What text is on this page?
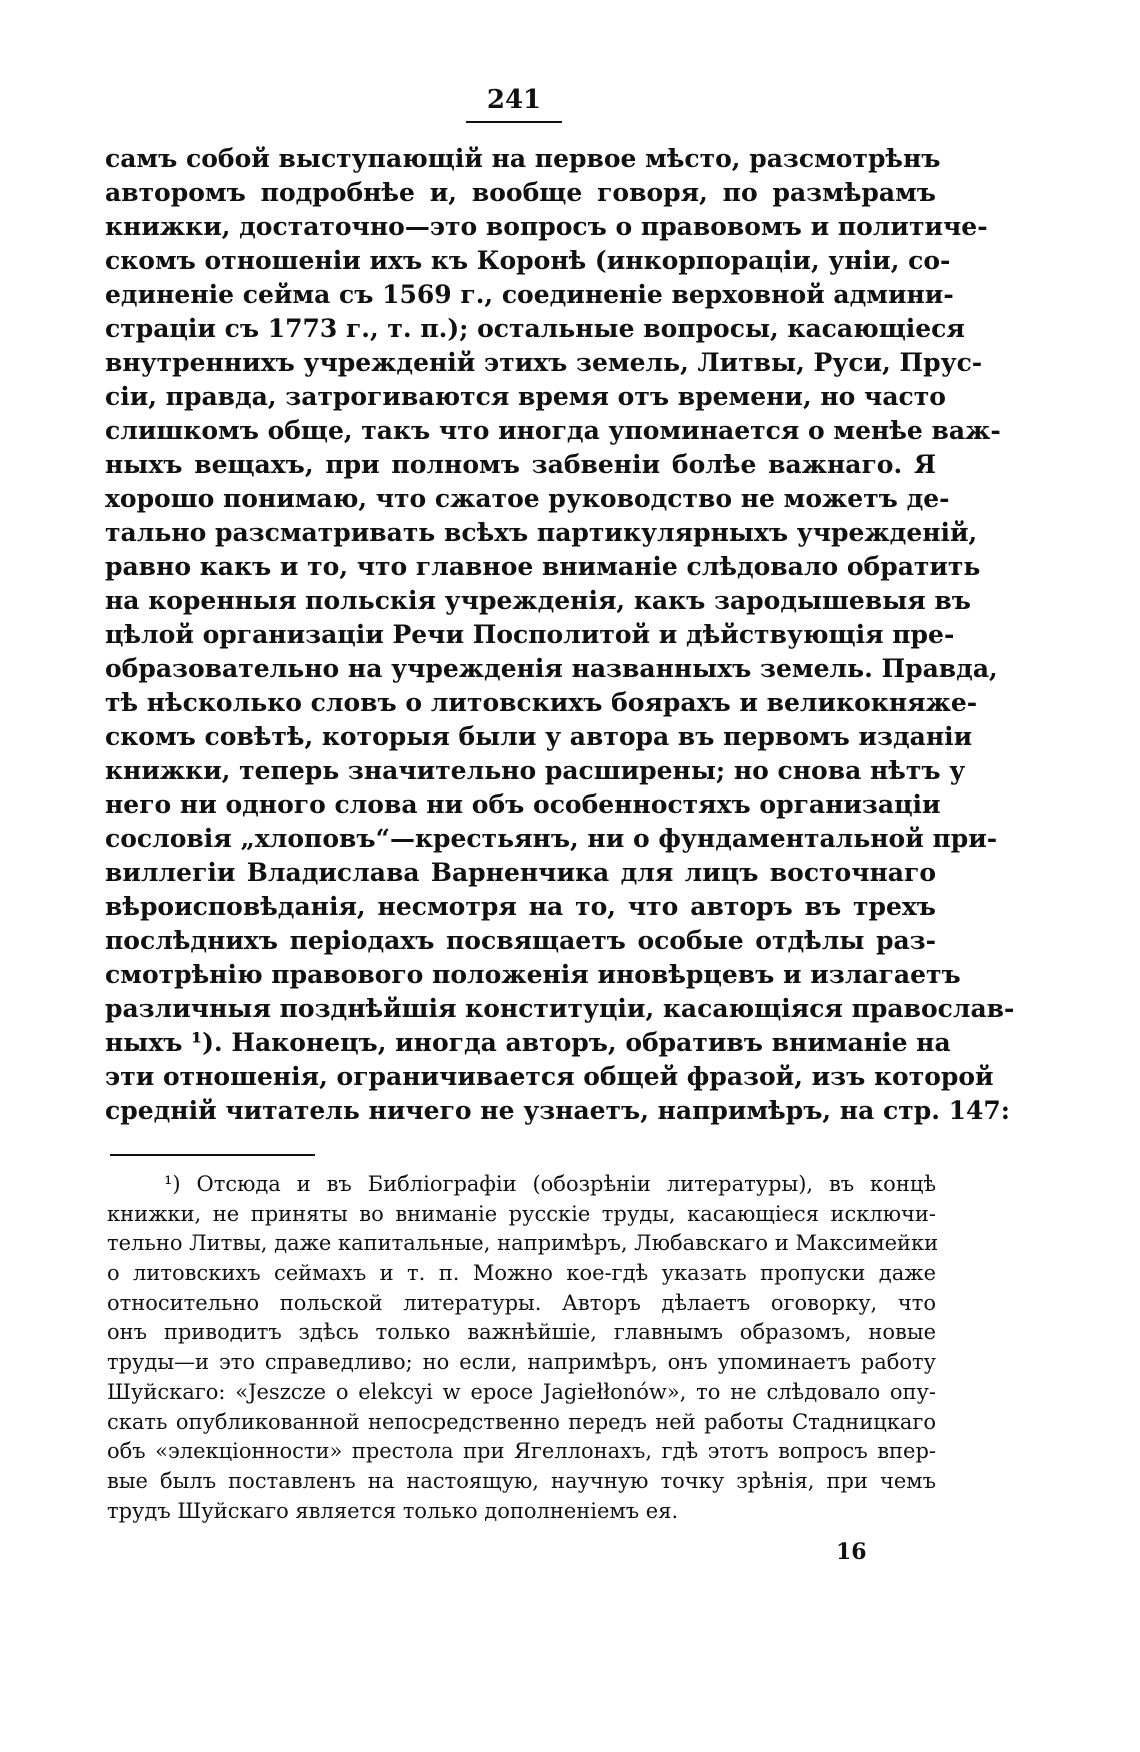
241
самъ собой выступающій на первое мѣсто, разсмотрѣнъ
авторомъ подробнѣе и, вообще говоря, по размѣрамъ
книжки, достаточно—это вопросъ о правовомъ и политиче-
скомъ отношеніи ихъ къ Коронѣ (инкорпораціи, уніи, со-
единеніе сейма съ 1569 г., соединеніе верховной админи-
страціи съ 1773 г., т. п.); остальные вопросы, касающіеся
внутреннихъ учрежденій этихъ земель, Литвы, Руси, Прус-
сіи, правда, затрогиваются время отъ времени, но часто
слишкомъ обще, такъ что иногда упоминается о менѣе важ-
ныхъ вещахъ, при полномъ забвеніи болѣе важнаго. Я
хорошо понимаю, что сжатое руководство не можетъ де-
тально разсматривать всѣхъ партикулярныхъ учрежденій,
равно какъ и то, что главное вниманіе слѣдовало обратить
на коренныя польскія учрежденія, какъ зародышевыя въ
цѣлой организаціи Речи Посполитой и дѣйствующія пре-
образовательно на учрежденія названныхъ земель. Правда,
тѣ нѣсколько словъ о литовскихъ боярахъ и великокняже-
скомъ совѣтѣ, которыя были у автора въ первомъ изданіи
книжки, теперь значительно расширены; но снова нѣтъ у
него ни одного слова ни объ особенностяхъ организаціи
сословія „хлоповъ“—крестьянъ, ни о фундаментальной при-
виллегіи Владислава Варненчика для лицъ восточнаго
вѣроисповѣданія, несмотря на то, что авторъ въ трехъ
послѣднихъ періодахъ посвящаетъ особые отдѣлы раз-
смотрѣнію правового положенія иновѣрцевъ и излагаетъ
различныя позднѣйшія конституціи, касающіяся православ-
ныхъ ¹). Наконецъ, иногда авторъ, обративъ вниманіе на
эти отношенія, ограничивается общей фразой, изъ которой
среднiй читатель ничего не узнаетъ, напримѣръ, на стр. 147:
¹) Отсюда и въ Библіографіи (обозрѣніи литературы), въ концѣ
книжки, не приняты во вниманіе русскіе труды, касающіеся исключи-
тельно Литвы, даже капитальные, напримѣръ, Любавскаго и Максимейки
о литовскихъ сеймахъ и т. п. Можно кое-гдѣ указать пропуски даже
относительно польской литературы. Авторъ дѣлаетъ оговорку, что
онъ приводитъ здѣсь только важнѣйшіе, главнымъ образомъ, новые
труды—и это справедливо; но если, напримѣръ, онъ упоминаетъ работу
Шуйскаго: «Jeszcze o elekcyi w epoce Jagiełłonów», то не слѣдовало опу-
скать опубликованной непосредственно передъ ней работы Стадницкаго
объ «элекціонности» престола при Ягеллонахъ, гдѣ этотъ вопросъ впер-
вые былъ поставленъ на настоящую, научную точку зрѣнія, при чемъ
трудъ Шуйскаго является только дополненіемъ ея.
16
